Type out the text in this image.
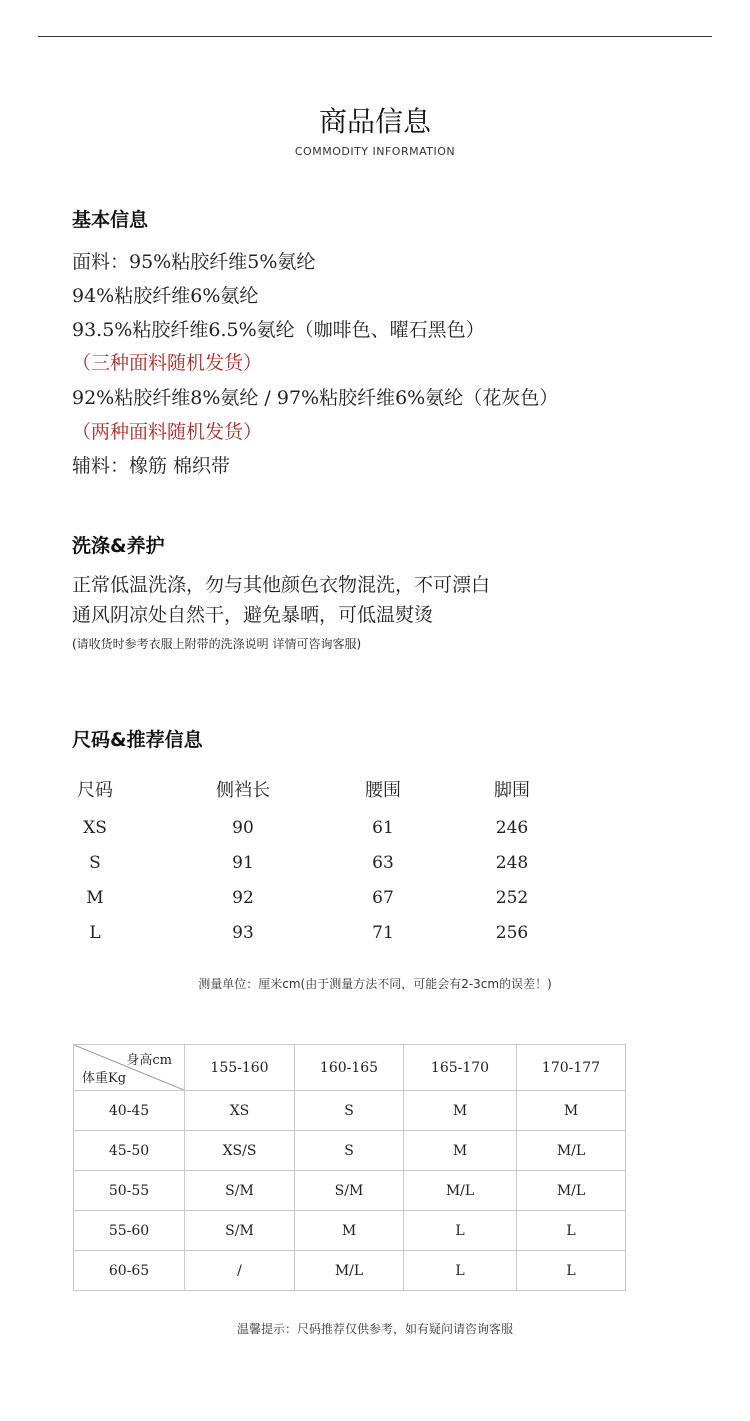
商品信息
COMMODITY INFORMATION
基本信息
面料：95%粘胶纤维5%氨纶
94%粘胶纤维6%氨纶
93.5%粘胶纤维6.5%氨纶（咖啡色、曜石黑色）
（三种面料随机发货）
92%粘胶纤维8%氨纶 / 97%粘胶纤维6%氨纶（花灰色）
（两种面料随机发货）
辅料：橡筋 棉织带
洗涤&养护
正常低温洗涤，勿与其他颜色衣物混洗，不可漂白
通风阴凉处自然干，避免暴晒，可低温熨烫
(请收货时参考衣服上附带的洗涤说明 详情可咨询客服)
尺码&推荐信息
尺码	侧裆长	腰围	脚围
XS	90	61	246
S	91	63	248
M	92	67	252
L	93	71	256
测量单位：厘米cm(由于测量方法不同，可能会有2-3cm的误差！)
身高cm
体重Kg	155-160	160-165	165-170	170-177
40-45	XS	S	M	M
45-50	XS/S	S	M	M/L
50-55	S/M	S/M	M/L	M/L
55-60	S/M	M	L	L
60-65	/	M/L	L	L
温馨提示：尺码推荐仅供参考，如有疑问请咨询客服
